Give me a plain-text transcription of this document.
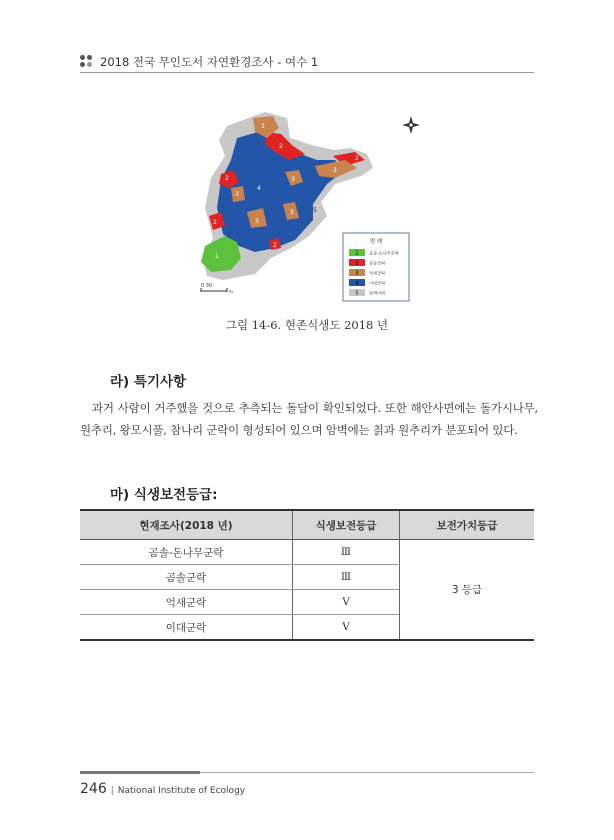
2018 전국 무인도서 자연환경조사 - 여수 1
3
2
4
2
3
3
3
2
2	3
3
2
1
5
0 30
m
범 례
1 곰솔-돈나무군락
2 곰솔군락
3 억새군락
4 이대군락
5 암벽바위
그림 14-6. 현존식생도 2018 년
라) 특기사항
과거 사람이 거주했을 것으로 추측되는 돌담이 확인되었다. 또한 해안사면에는 돌가시나무, 원추리, 왕모시풀, 참나리 군락이 형성되어 있으며 암벽에는 칡과 원추리가 분포되어 있다.
마) 식생보전등급:
현재조사(2018 년)	식생보전등급	보전가치등급
곰솔-돈나무군락	Ⅲ	3 등급
곰솔군락	Ⅲ	
억새군락	Ⅴ	
이대군락	Ⅴ	
246 | National Institute of Ecology
